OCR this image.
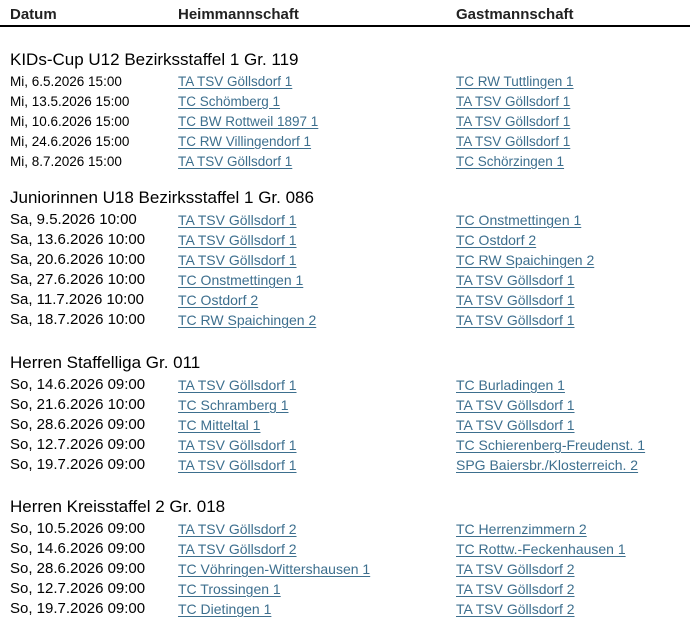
Datum	Heimmannschaft	Gastmannschaft
KIDs-Cup U12 Bezirksstaffel 1 Gr. 119
Mi, 6.5.2026 15:00	TA TSV Göllsdorf 1	TC RW Tuttlingen 1
Mi, 13.5.2026 15:00	TC Schömberg 1	TA TSV Göllsdorf 1
Mi, 10.6.2026 15:00	TC BW Rottweil 1897 1	TA TSV Göllsdorf 1
Mi, 24.6.2026 15:00	TC RW Villingendorf 1	TA TSV Göllsdorf 1
Mi, 8.7.2026 15:00	TA TSV Göllsdorf 1	TC Schörzingen 1
Juniorinnen U18 Bezirksstaffel 1 Gr. 086
Sa, 9.5.2026 10:00	TA TSV Göllsdorf 1	TC Onstmettingen 1
Sa, 13.6.2026 10:00 TA TSV Göllsdorf 1	TC Ostdorf 2
Sa, 20.6.2026 10:00 TA TSV Göllsdorf 1	TC RW Spaichingen 2
Sa, 27.6.2026 10:00 TC Onstmettingen 1	TA TSV Göllsdorf 1
Sa, 11.7.2026 10:00 TC Ostdorf 2	TA TSV Göllsdorf 1
Sa, 18.7.2026 10:00 TC RW Spaichingen 2	TA TSV Göllsdorf 1
Herren Staffelliga Gr. 011
So, 14.6.2026 09:00 TA TSV Göllsdorf 1	TC Burladingen 1
So, 21.6.2026 10:00 TC Schramberg 1	TA TSV Göllsdorf 1
So, 28.6.2026 09:00 TC Mitteltal 1	TA TSV Göllsdorf 1
So, 12.7.2026 09:00 TA TSV Göllsdorf 1	TC Schierenberg-Freudenst. 1
So, 19.7.2026 09:00 TA TSV Göllsdorf 1	SPG Baiersbr./Klosterreich. 2
Herren Kreisstaffel 2 Gr. 018
So, 10.5.2026 09:00 TA TSV Göllsdorf 2	TC Herrenzimmern 2
So, 14.6.2026 09:00 TA TSV Göllsdorf 2	TC Rottw.-Feckenhausen 1
So, 28.6.2026 09:00 TC Vöhringen-Wittershausen 1	TA TSV Göllsdorf 2
So, 12.7.2026 09:00 TC Trossingen 1	TA TSV Göllsdorf 2
So, 19.7.2026 09:00 TC Dietingen 1	TA TSV Göllsdorf 2
